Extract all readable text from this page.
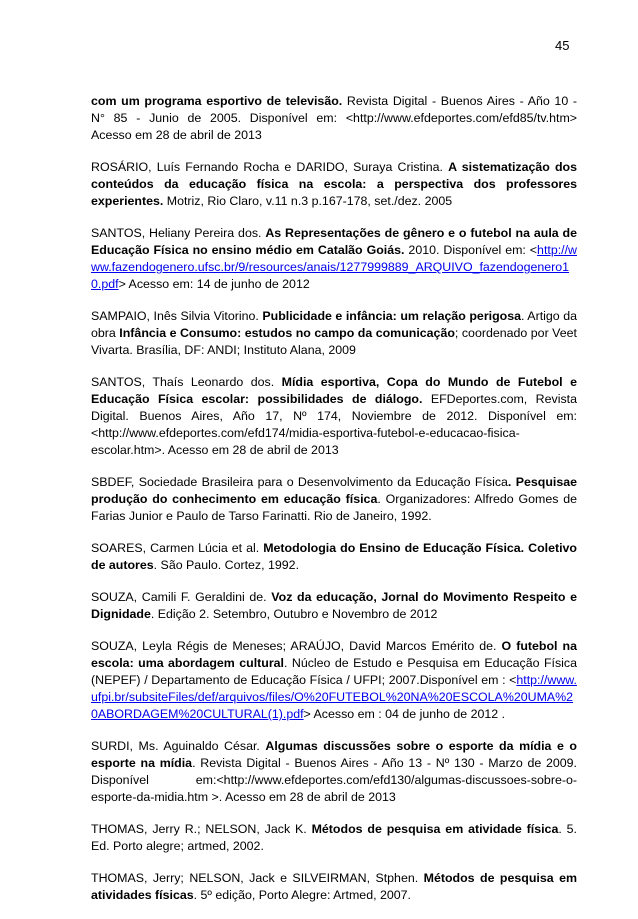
45

com um programa esportivo de televisão. Revista Digital - Buenos Aires - Año 10 - N° 85 - Junio de 2005. Disponível em: <http://www.efdeportes.com/efd85/tv.htm> Acesso em 28 de abril de 2013

ROSÁRIO, Luís Fernando Rocha e DARIDO, Suraya Cristina. A sistematização dos conteúdos da educação física na escola: a perspectiva dos professores experientes. Motriz, Rio Claro, v.11 n.3 p.167-178, set./dez. 2005

SANTOS, Heliany Pereira dos. As Representações de gênero e o futebol na aula de Educação Física no ensino médio em Catalão Goiás. 2010. Disponível em: <http://www.fazendogenero.ufsc.br/9/resources/anais/1277999889_ARQUIVO_fazendogenero10.pdf> Acesso em: 14 de junho de 2012

SAMPAIO, Inês Silvia Vitorino. Publicidade e infância: um relação perigosa. Artigo da obra Infância e Consumo: estudos no campo da comunicação; coordenado por Veet Vivarta. Brasília, DF: ANDI; Instituto Alana, 2009

SANTOS, Thaís Leonardo dos. Mídia esportiva, Copa do Mundo de Futebol e Educação Física escolar: possibilidades de diálogo. EFDeportes.com, Revista Digital. Buenos Aires, Año 17, Nº 174, Noviembre de 2012. Disponível em: <http://www.efdeportes.com/efd174/midia-esportiva-futebol-e-educacao-fisica-escolar.htm>. Acesso em 28 de abril de 2013

SBDEF, Sociedade Brasileira para o Desenvolvimento da Educação Física. Pesquisae produção do conhecimento em educação física. Organizadores: Alfredo Gomes de Farias Junior e Paulo de Tarso Farinatti. Rio de Janeiro, 1992.

SOARES, Carmen Lúcia et al. Metodologia do Ensino de Educação Física. Coletivo de autores. São Paulo. Cortez, 1992.

SOUZA, Camili F. Geraldini de. Voz da educação, Jornal do Movimento Respeito e Dignidade. Edição 2. Setembro, Outubro e Novembro de 2012

SOUZA, Leyla Régis de Meneses; ARAÚJO, David Marcos Emérito de. O futebol na escola: uma abordagem cultural. Núcleo de Estudo e Pesquisa em Educação Física (NEPEF) / Departamento de Educação Física / UFPI; 2007.Disponível em : <http://www.ufpi.br/subsiteFiles/def/arquivos/files/O%20FUTEBOL%20NA%20ESCOLA%20UMA%20ABORDAGEM%20CULTURAL(1).pdf> Acesso em : 04 de junho de 2012 .

SURDI, Ms. Aguinaldo César. Algumas discussões sobre o esporte da mídia e o esporte na mídia. Revista Digital - Buenos Aires - Año 13 - Nº 130 - Marzo de 2009. Disponível em:<http://www.efdeportes.com/efd130/algumas-discussoes-sobre-o-esporte-da-midia.htm >. Acesso em 28 de abril de 2013

THOMAS, Jerry R.; NELSON, Jack K. Métodos de pesquisa em atividade física. 5. Ed. Porto alegre; artmed, 2002.

THOMAS, Jerry; NELSON, Jack e SILVEIRMAN, Stphen. Métodos de pesquisa em atividades físicas. 5º edição, Porto Alegre: Artmed, 2007.
